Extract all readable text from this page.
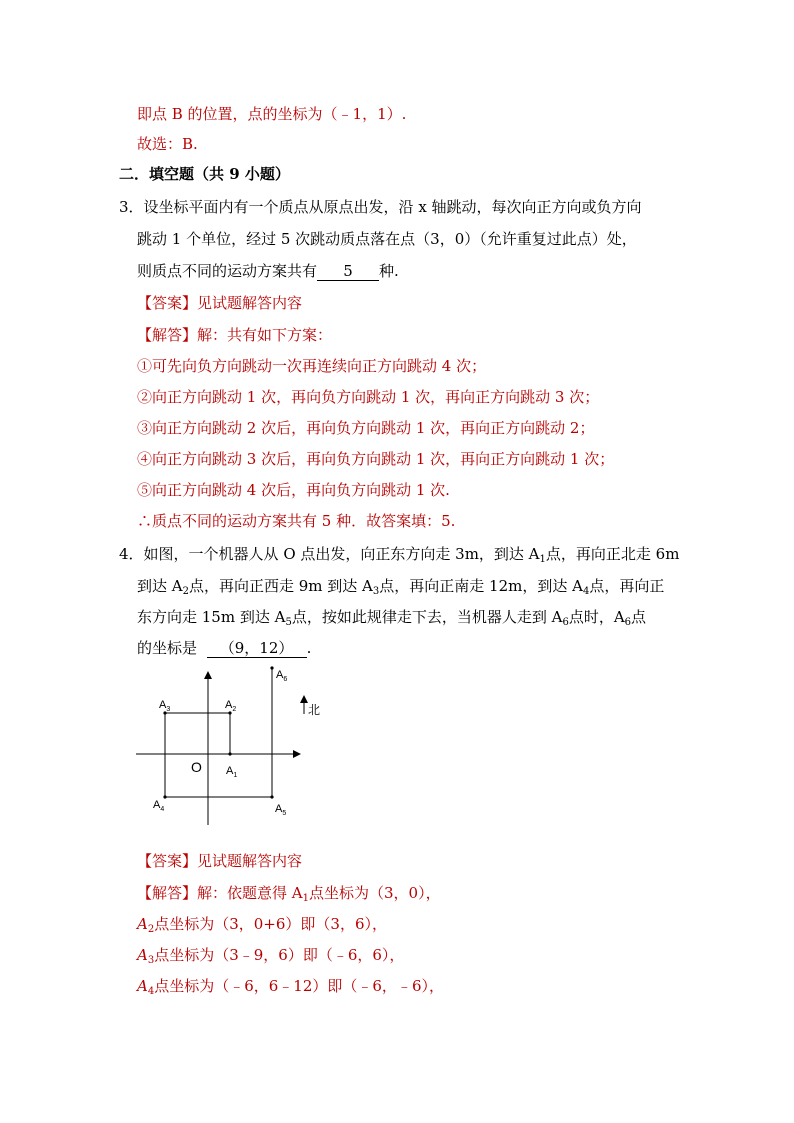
即点 B 的位置，点的坐标为（﹣1，1）.
故选：B.
二．填空题（共 9 小题）
3．设坐标平面内有一个质点从原点出发，沿 x 轴跳动，每次向正方向或负方向
跳动 1 个单位，经过 5 次跳动质点落在点（3，0）（允许重复过此点）处，
则质点不同的运动方案共有 5 种.
【答案】见试题解答内容
【解答】解：共有如下方案：
①可先向负方向跳动一次再连续向正方向跳动 4 次；
②向正方向跳动 1 次，再向负方向跳动 1 次，再向正方向跳动 3 次；
③向正方向跳动 2 次后，再向负方向跳动 1 次，再向正方向跳动 2；
④向正方向跳动 3 次后，再向负方向跳动 1 次，再向正方向跳动 1 次；
⑤向正方向跳动 4 次后，再向负方向跳动 1 次.
∴质点不同的运动方案共有 5 种．故答案填：5.
4．如图，一个机器人从 O 点出发，向正东方向走 3m，到达 $A_1$点，再向正北走 6m
到达 $A_2$点，再向正西走 9m 到达 $A_3$点，再向正南走 12m，到达 $A_4$点，再向正
东方向走 15m 到达 $A_5$点，按如此规律走下去，当机器人走到 $A_6$点时，$A_6$点
的坐标是 （9，12） .
$A_1$
$A_2$
$A_3$
$A_4$	$A_5$
$A_6$
O
北
【答案】见试题解答内容
【解答】解：依题意得 $A_1$点坐标为（3，0），
$A_2$点坐标为（3，0+6）即（3，6），
$A_3$点坐标为（3﹣9，6）即（﹣6，6），
$A_4$点坐标为（﹣6，6﹣12）即（﹣6，﹣6），
